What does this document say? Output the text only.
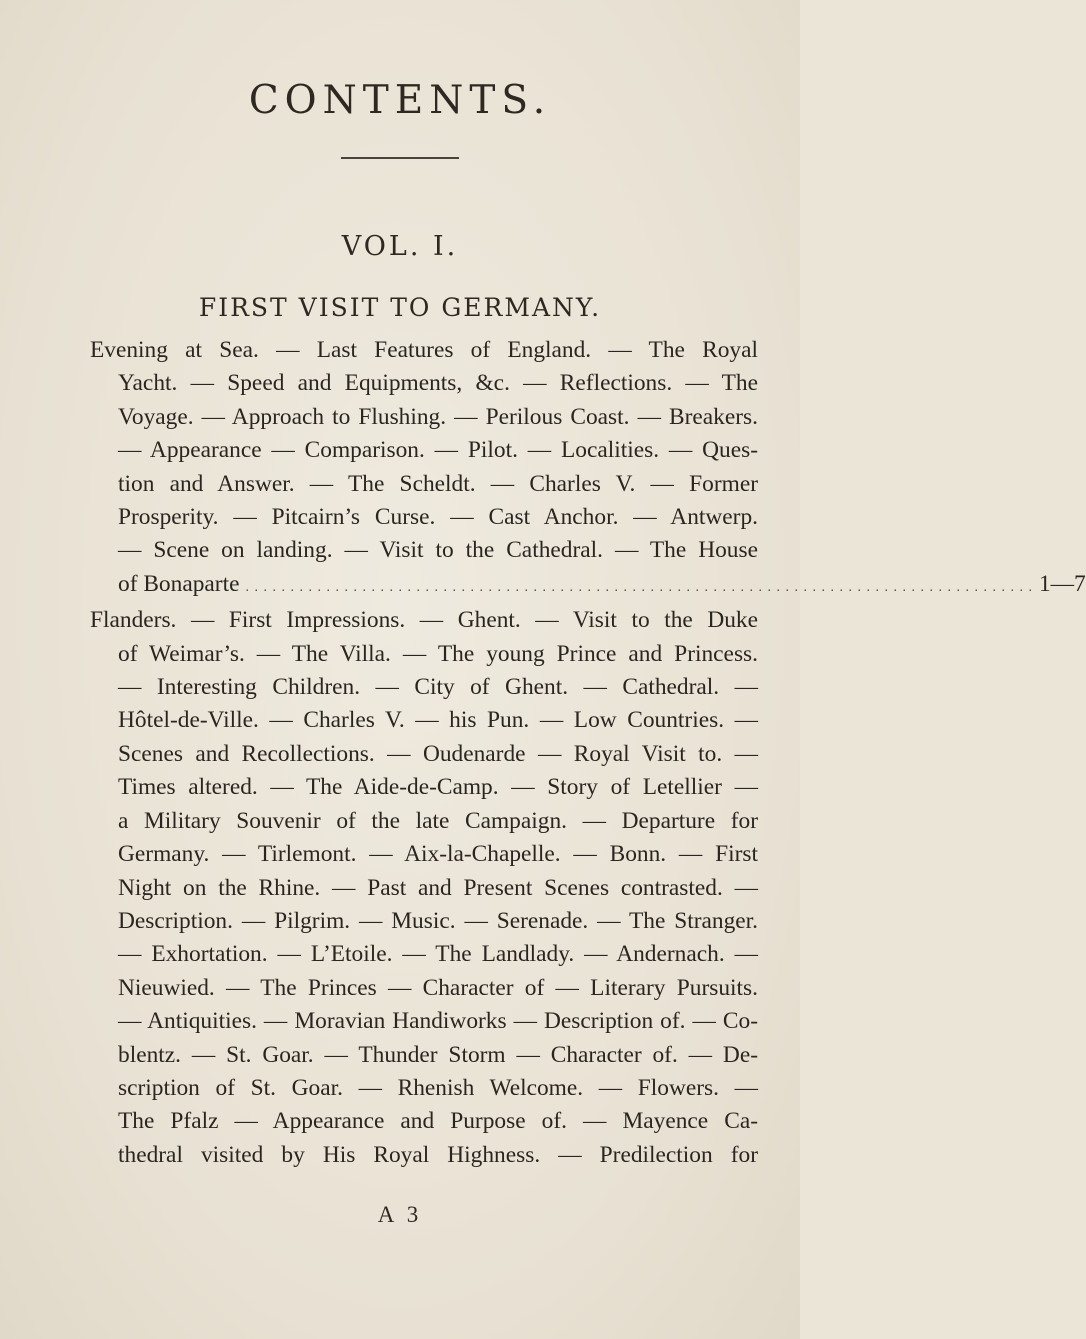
CONTENTS.
VOL. I.
FIRST VISIT TO GERMANY.
Evening at Sea. — Last Features of England. — The Royal
Yacht. — Speed and Equipments, &c. — Reflections. — The
Voyage. — Approach to Flushing. — Perilous Coast. — Breakers.
— Appearance — Comparison. — Pilot. — Localities. — Ques-
tion and Answer. — The Scheldt. — Charles V. — Former
Prosperity. — Pitcairn’s Curse. — Cast Anchor. — Antwerp.
— Scene on landing. — Visit to the Cathedral. — The House
of Bonaparte . . . . . . . . . . . . . . . . . . . . . . . . . . . . . . . . . . . . . . . . . . . . . . . . . . . . . . . . . . . . . . . . . . . . . . . . . . . . . . . . . . . . . . . . 1—7
Flanders. — First Impressions. — Ghent. — Visit to the Duke
of Weimar’s. — The Villa. — The young Prince and Princess.
— Interesting Children. — City of Ghent. — Cathedral. —
Hôtel-de-Ville. — Charles V. — his Pun. — Low Countries. —
Scenes and Recollections. — Oudenarde — Royal Visit to. —
Times altered. — The Aide-de-Camp. — Story of Letellier —
a Military Souvenir of the late Campaign. — Departure for
Germany. — Tirlemont. — Aix-la-Chapelle. — Bonn. — First
Night on the Rhine. — Past and Present Scenes contrasted. —
Description. — Pilgrim. — Music. — Serenade. — The Stranger.
— Exhortation. — L’Etoile. — The Landlady. — Andernach. —
Nieuwied. — The Princes — Character of — Literary Pursuits.
— Antiquities. — Moravian Handiworks — Description of. — Co-
blentz. — St. Goar. — Thunder Storm — Character of. — De-
scription of St. Goar. — Rhenish Welcome. — Flowers. —
The Pfalz — Appearance and Purpose of. — Mayence Ca-
thedral visited by His Royal Highness. — Predilection for
A 3
